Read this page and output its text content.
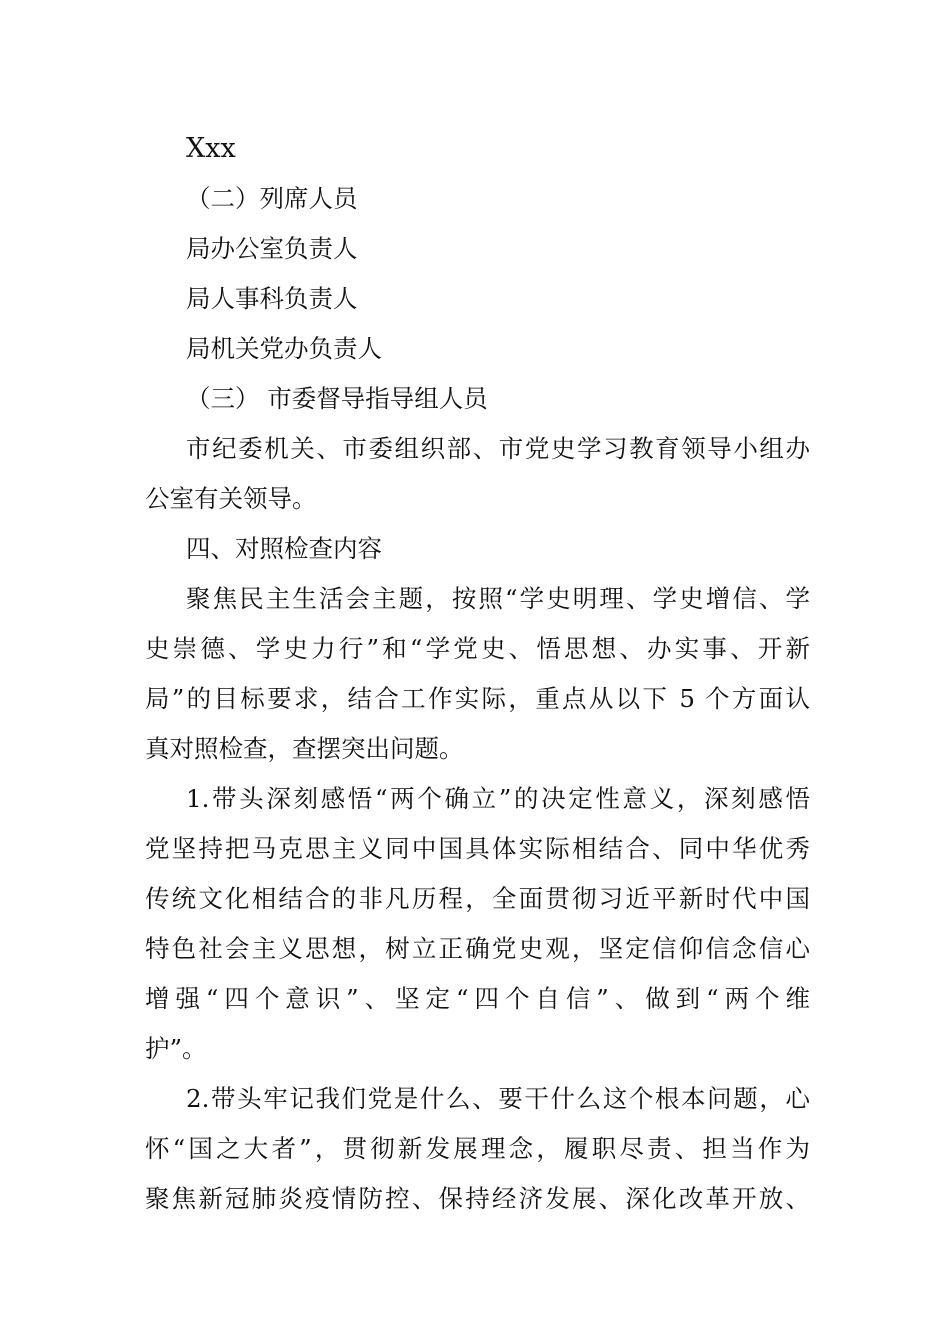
Xxx
（二）列席人员
局办公室负责人
局人事科负责人
局机关党办负责人
（三） 市委督导指导组人员
市纪委机关、市委组织部、市党史学习教育领导小组办
公室有关领导。
四、对照检查内容
聚焦民主生活会主题，按照“学史明理、学史增信、学
史崇德、学史力行”和“学党史、悟思想、办实事、开新
局”的目标要求，结合工作实际，重点从以下 5 个方面认
真对照检查，查摆突出问题。
1.带头深刻感悟“两个确立”的决定性意义，深刻感悟
党坚持把马克思主义同中国具体实际相结合、同中华优秀
传统文化相结合的非凡历程，全面贯彻习近平新时代中国
特色社会主义思想，树立正确党史观，坚定信仰信念信心
增强“四个意识”、坚定“四个自信”、做到“两个维
护”。
2.带头牢记我们党是什么、要干什么这个根本问题，心
怀“国之大者”，贯彻新发展理念，履职尽责、担当作为
聚焦新冠肺炎疫情防控、保持经济发展、深化改革开放、
